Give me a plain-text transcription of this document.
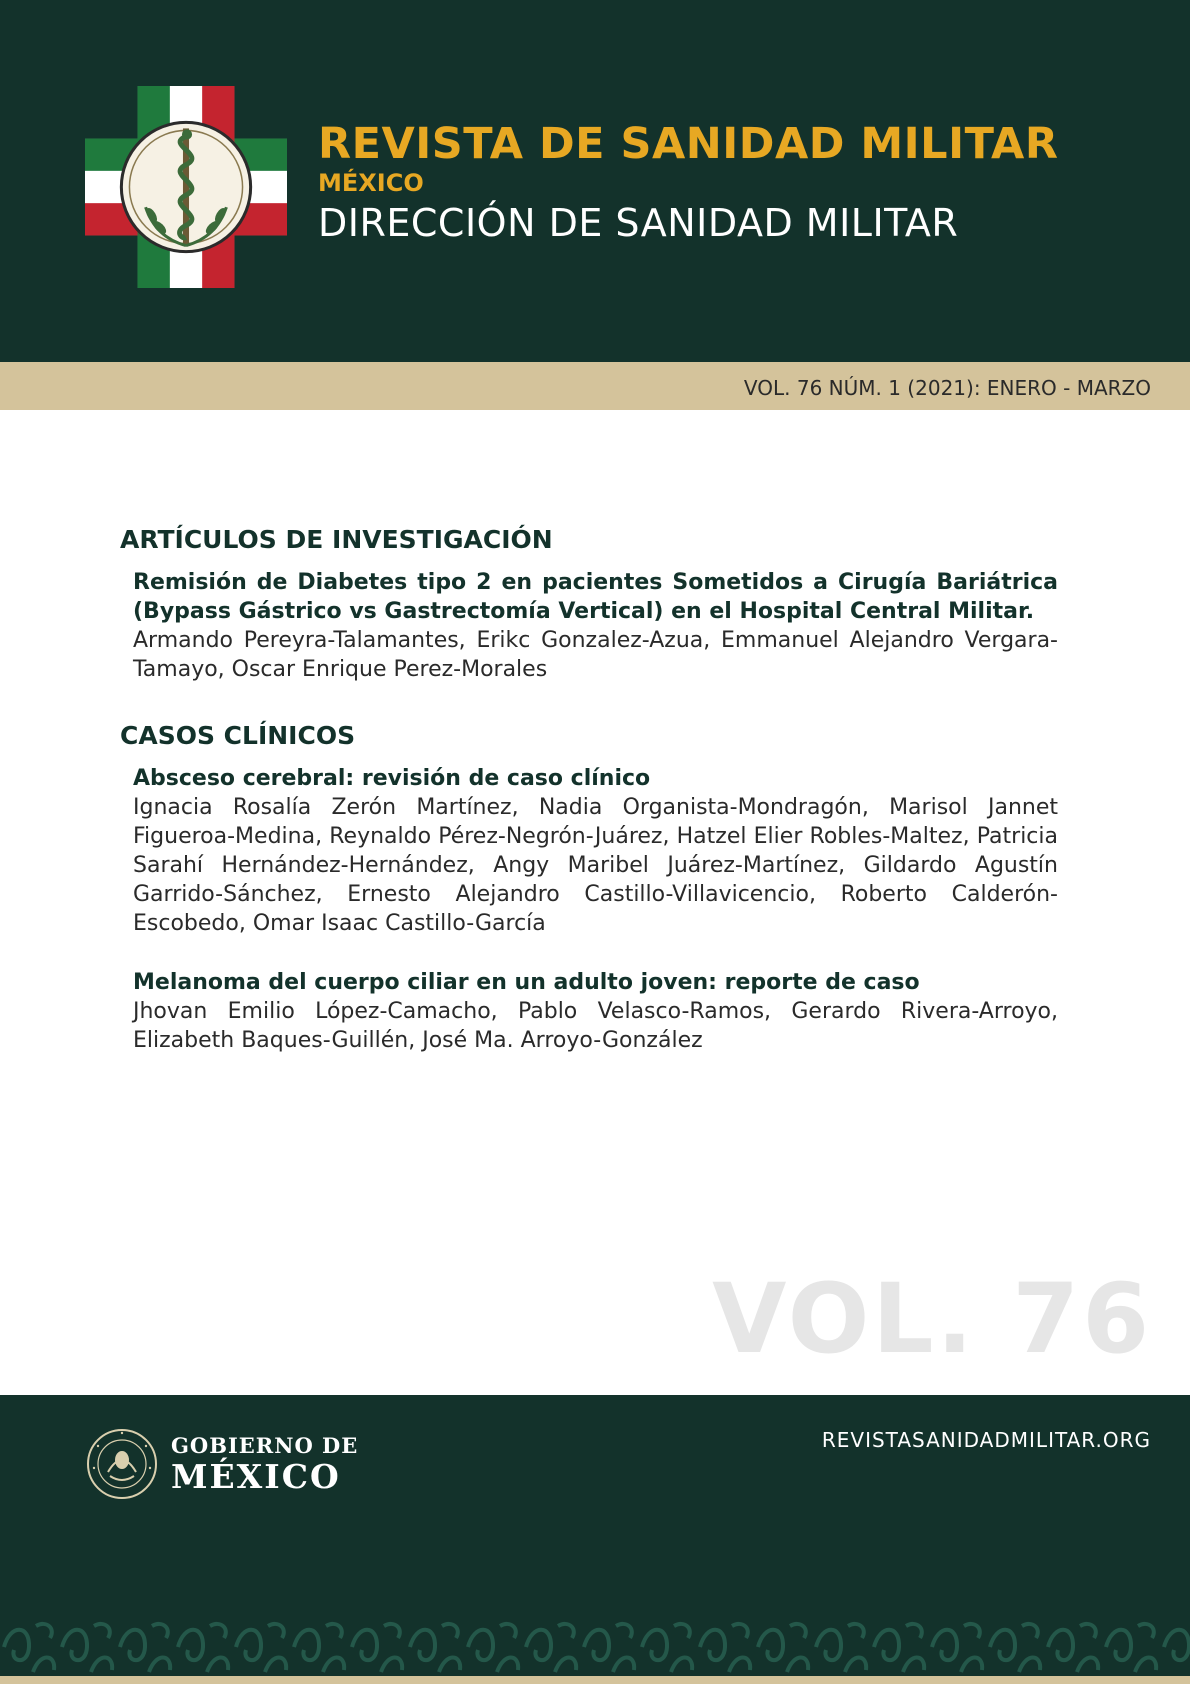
REVISTA DE SANIDAD MILITAR
MÉXICO
DIRECCIÓN DE SANIDAD MILITAR
VOL. 76 NÚM. 1 (2021): ENERO - MARZO
ARTÍCULOS DE INVESTIGACIÓN
Remisión de Diabetes tipo 2 en pacientes Sometidos a Cirugía Bariátrica (Bypass Gástrico vs Gastrectomía Vertical) en el Hospital Central Militar.
Armando Pereyra-Talamantes, Erikc Gonzalez-Azua, Emmanuel Alejandro Vergara-Tamayo, Oscar Enrique Perez-Morales
CASOS CLÍNICOS
Absceso cerebral: revisión de caso clínico
Ignacia Rosalía Zerón Martínez, Nadia Organista-Mondragón, Marisol Jannet Figueroa-Medina, Reynaldo Pérez-Negrón-Juárez, Hatzel Elier Robles-Maltez, Patricia Sarahí Hernández-Hernández, Angy Maribel Juárez-Martínez, Gildardo Agustín Garrido-Sánchez, Ernesto Alejandro Castillo-Villavicencio, Roberto Calderón-Escobedo, Omar Isaac Castillo-García
Melanoma del cuerpo ciliar en un adulto joven: reporte de caso
Jhovan Emilio López-Camacho, Pablo Velasco-Ramos, Gerardo Rivera-Arroyo, Elizabeth Baques-Guillén, José Ma. Arroyo-González
VOL. 76
GOBIERNO DE
MÉXICO
REVISTASANIDADMILITAR.ORG
